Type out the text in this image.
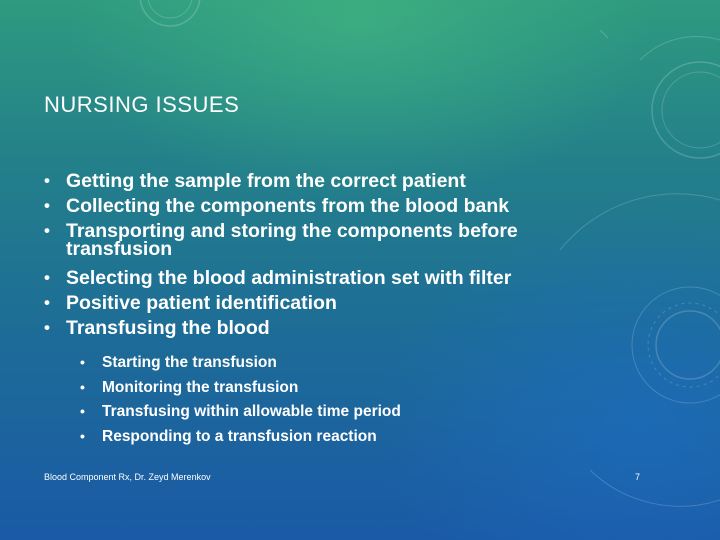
NURSING ISSUES
• Getting the sample from the correct patient
• Collecting the components from the blood bank
• Transporting and storing the components before transfusion
• Selecting the blood administration set with filter
• Positive patient identification
• Transfusing the blood
• Starting the transfusion
• Monitoring the transfusion
• Transfusing within allowable time period
• Responding to a transfusion reaction
Blood Component Rx, Dr. Zeyd Merenkov	7
